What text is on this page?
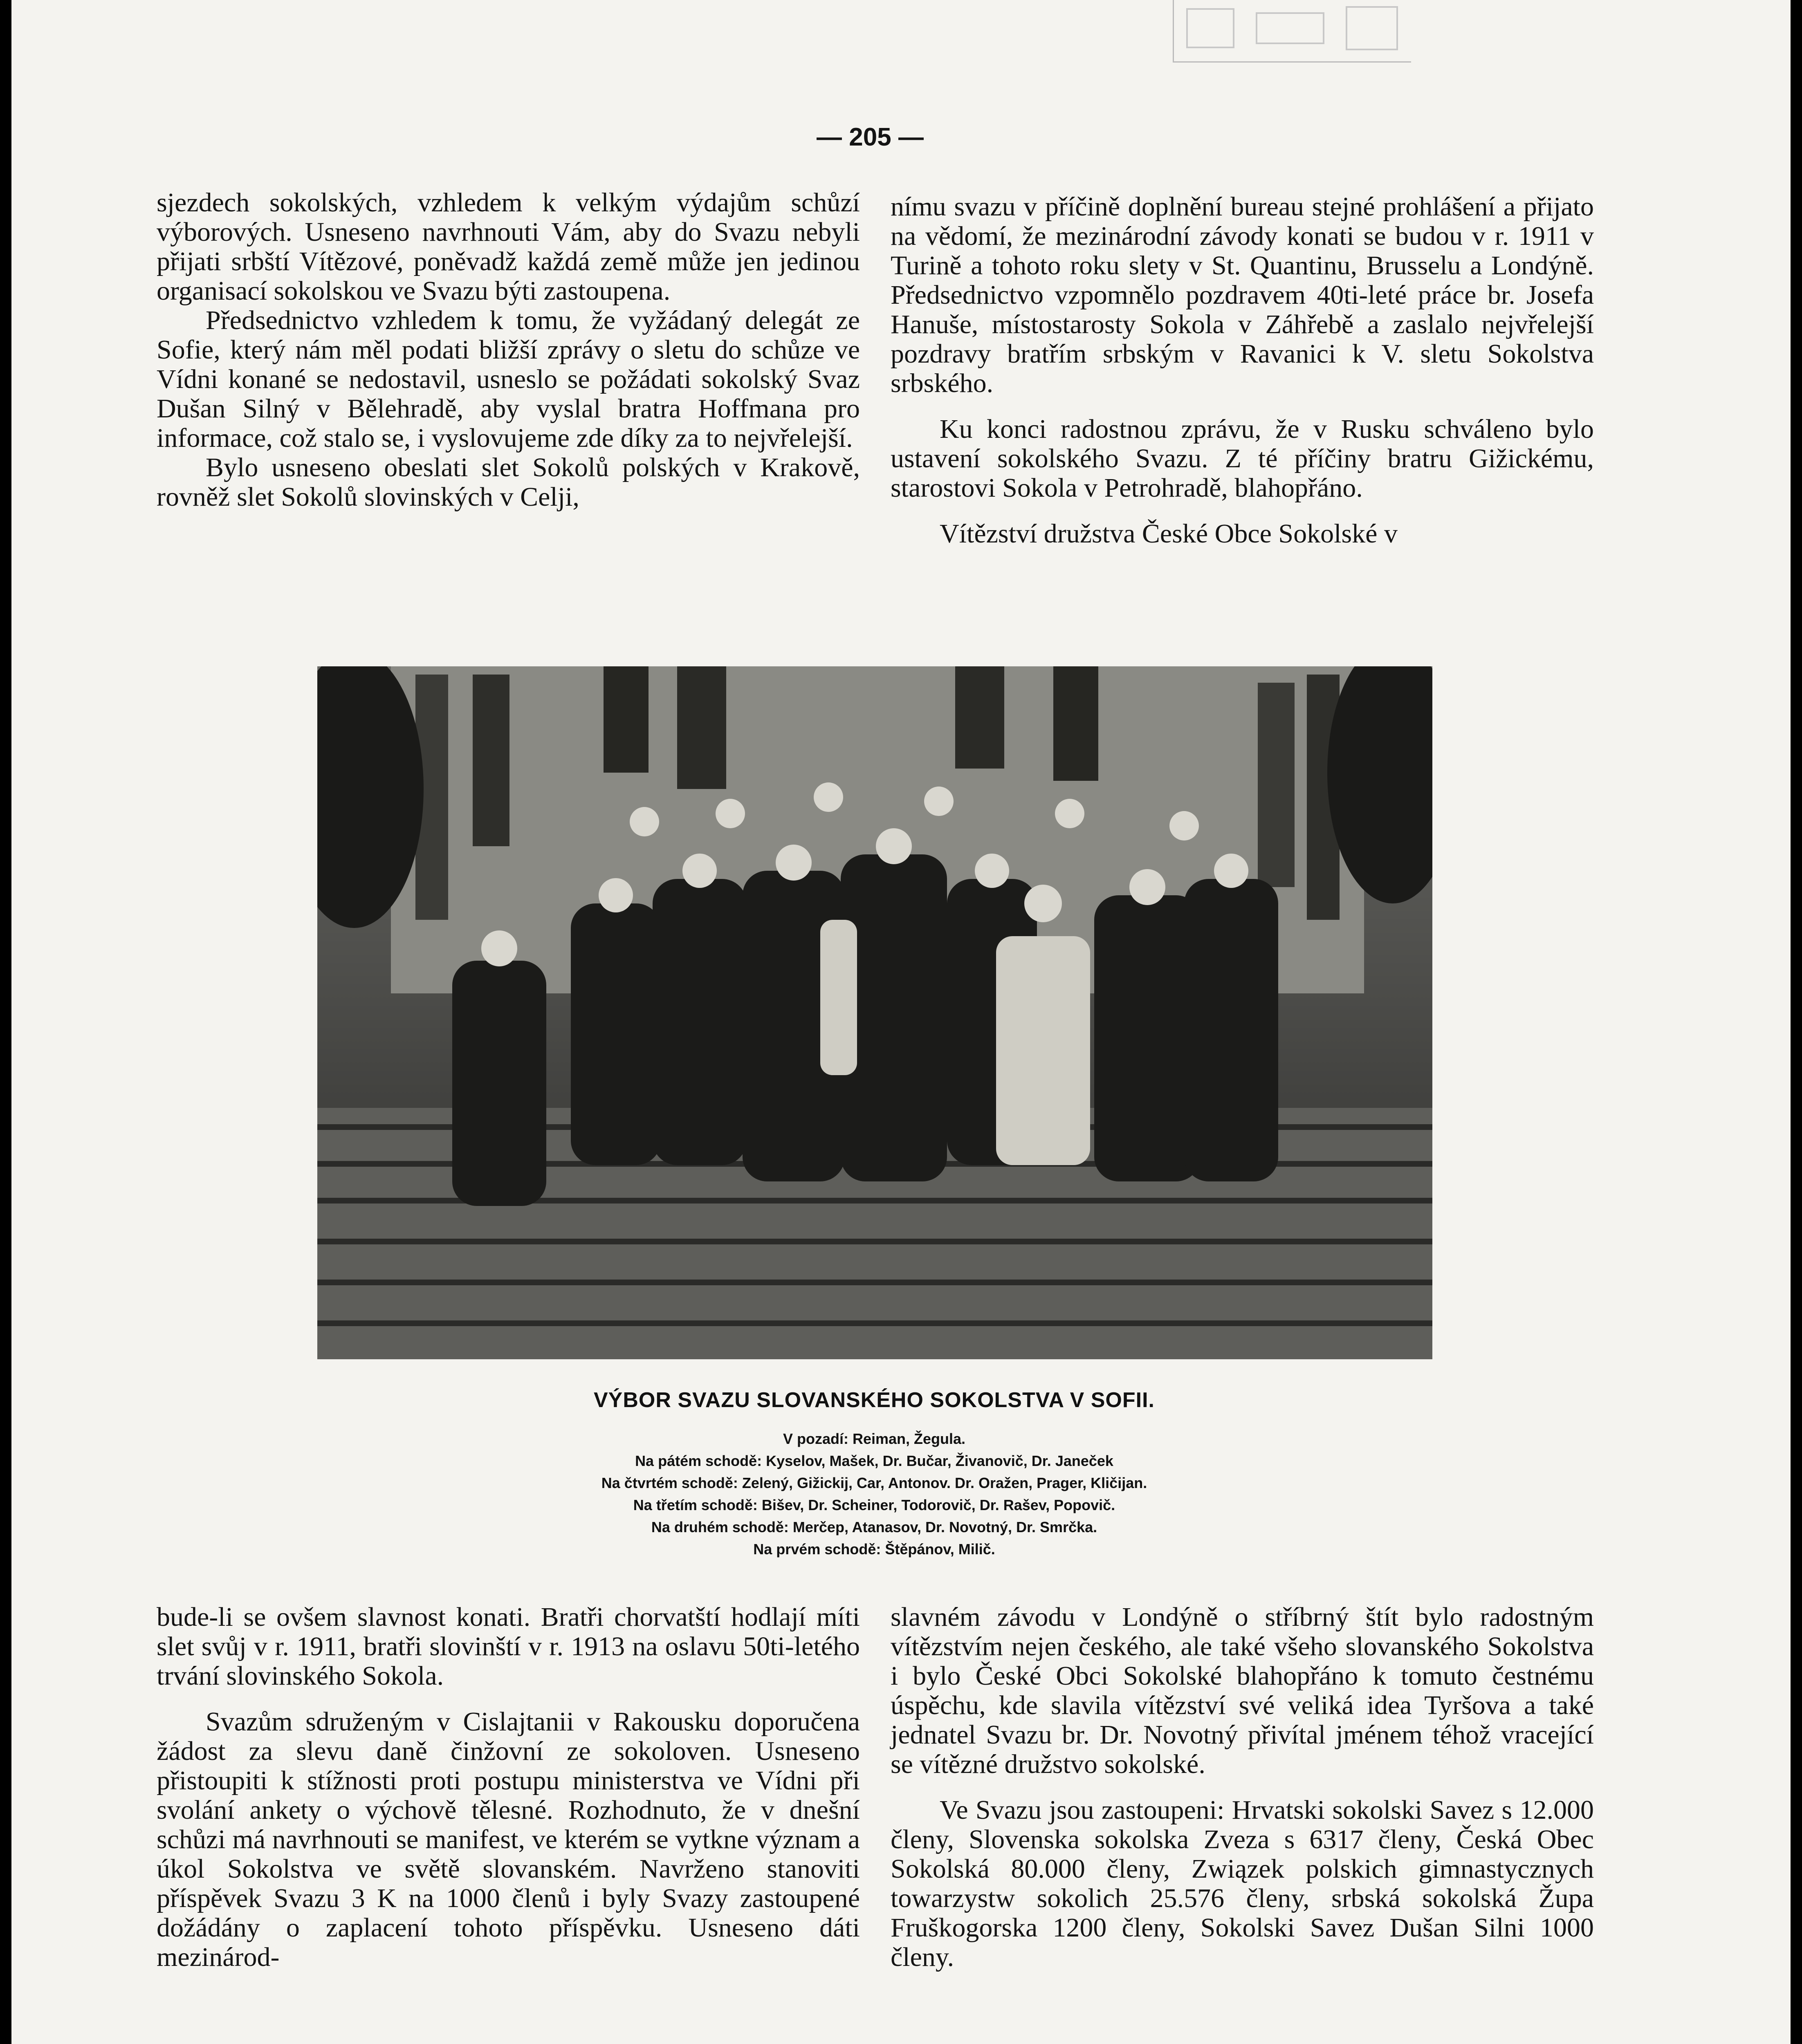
— 205 —

sjezdech sokolských, vzhledem k velkým výdajům schůzí výborových. Usneseno navrhnouti Vám, aby do Svazu nebyli přijati srbští Vítězové, poněvadž každá země může jen jedinou organisací sokolskou ve Svazu býti zastoupena.

Předsednictvo vzhledem k tomu, že vyžádaný delegát ze Sofie, který nám měl podati bližší zprávy o sletu do schůze ve Vídni konané se nedostavil, usneslo se požádati sokolský Svaz Dušan Silný v Bělehradě, aby vyslal bratra Hoffmana pro informace, což stalo se, i vyslovujeme zde díky za to nejvřelejší.

Bylo usneseno obeslati slet Sokolů polských v Krakově, rovněž slet Sokolů slovinských v Celji,

nímu svazu v příčině doplnění bureau stejné prohlášení a přijato na vědomí, že mezinárodní závody konati se budou v r. 1911 v Turině a tohoto roku slety v St. Quantinu, Brusselu a Londýně. Předsednictvo vzpomnělo pozdravem 40ti-leté práce br. Josefa Hanuše, místostarosty Sokola v Záhřebě a zaslalo nejvřelejší pozdravy bratřím srbským v Ravanici k V. sletu Sokolstva srbského.

Ku konci radostnou zprávu, že v Rusku schváleno bylo ustavení sokolského Svazu. Z té příčiny bratru Gižickému, starostovi Sokola v Petrohradě, blahopřáno.

Vítězství družstva České Obce Sokolské v

VÝBOR SVAZU SLOVANSKÉHO SOKOLSTVA V SOFII.
V pozadí: Reiman, Žegula.
Na pátém schodě: Kyselov, Mašek, Dr. Bučar, Živanovič, Dr. Janeček
Na čtvrtém schodě: Zelený, Gižickij, Car, Antonov. Dr. Oražen, Prager, Kličijan.
Na třetím schodě: Bišev, Dr. Scheiner, Todorovič, Dr. Rašev, Popovič.
Na druhém schodě: Merčep, Atanasov, Dr. Novotný, Dr. Smrčka.
Na prvém schodě: Štěpánov, Milič.

bude-li se ovšem slavnost konati. Bratři chorvatští hodlají míti slet svůj v r. 1911, bratři slovinští v r. 1913 na oslavu 50ti-letého trvání slovinského Sokola.

Svazům sdruženým v Cislajtanii v Rakousku doporučena žádost za slevu daně činžovní ze sokoloven. Usneseno přistoupiti k stížnosti proti postupu ministerstva ve Vídni při svolání ankety o výchově tělesné. Rozhodnuto, že v dnešní schůzi má navrhnouti se manifest, ve kterém se vytkne význam a úkol Sokolstva ve světě slovanském. Navrženo stanoviti příspěvek Svazu 3 K na 1000 členů i byly Svazy zastoupené dožádány o zaplacení tohoto příspěvku. Usneseno dáti mezinárod-

slavném závodu v Londýně o stříbrný štít bylo radostným vítězstvím nejen českého, ale také všeho slovanského Sokolstva i bylo České Obci Sokolské blahopřáno k tomuto čestnému úspěchu, kde slavila vítězství své veliká idea Tyršova a také jednatel Svazu br. Dr. Novotný přivítal jménem téhož vracející se vítězné družstvo sokolské.

Ve Svazu jsou zastoupeni: Hrvatski sokolski Savez s 12.000 členy, Slovenska sokolska Zveza s 6317 členy, Česká Obec Sokolská 80.000 členy, Związek polskich gimnastycznych towarzystw sokolich 25.576 členy, srbská sokolská Župa Fruškogorska 1200 členy, Sokolski Savez Dušan Silni 1000 členy.
